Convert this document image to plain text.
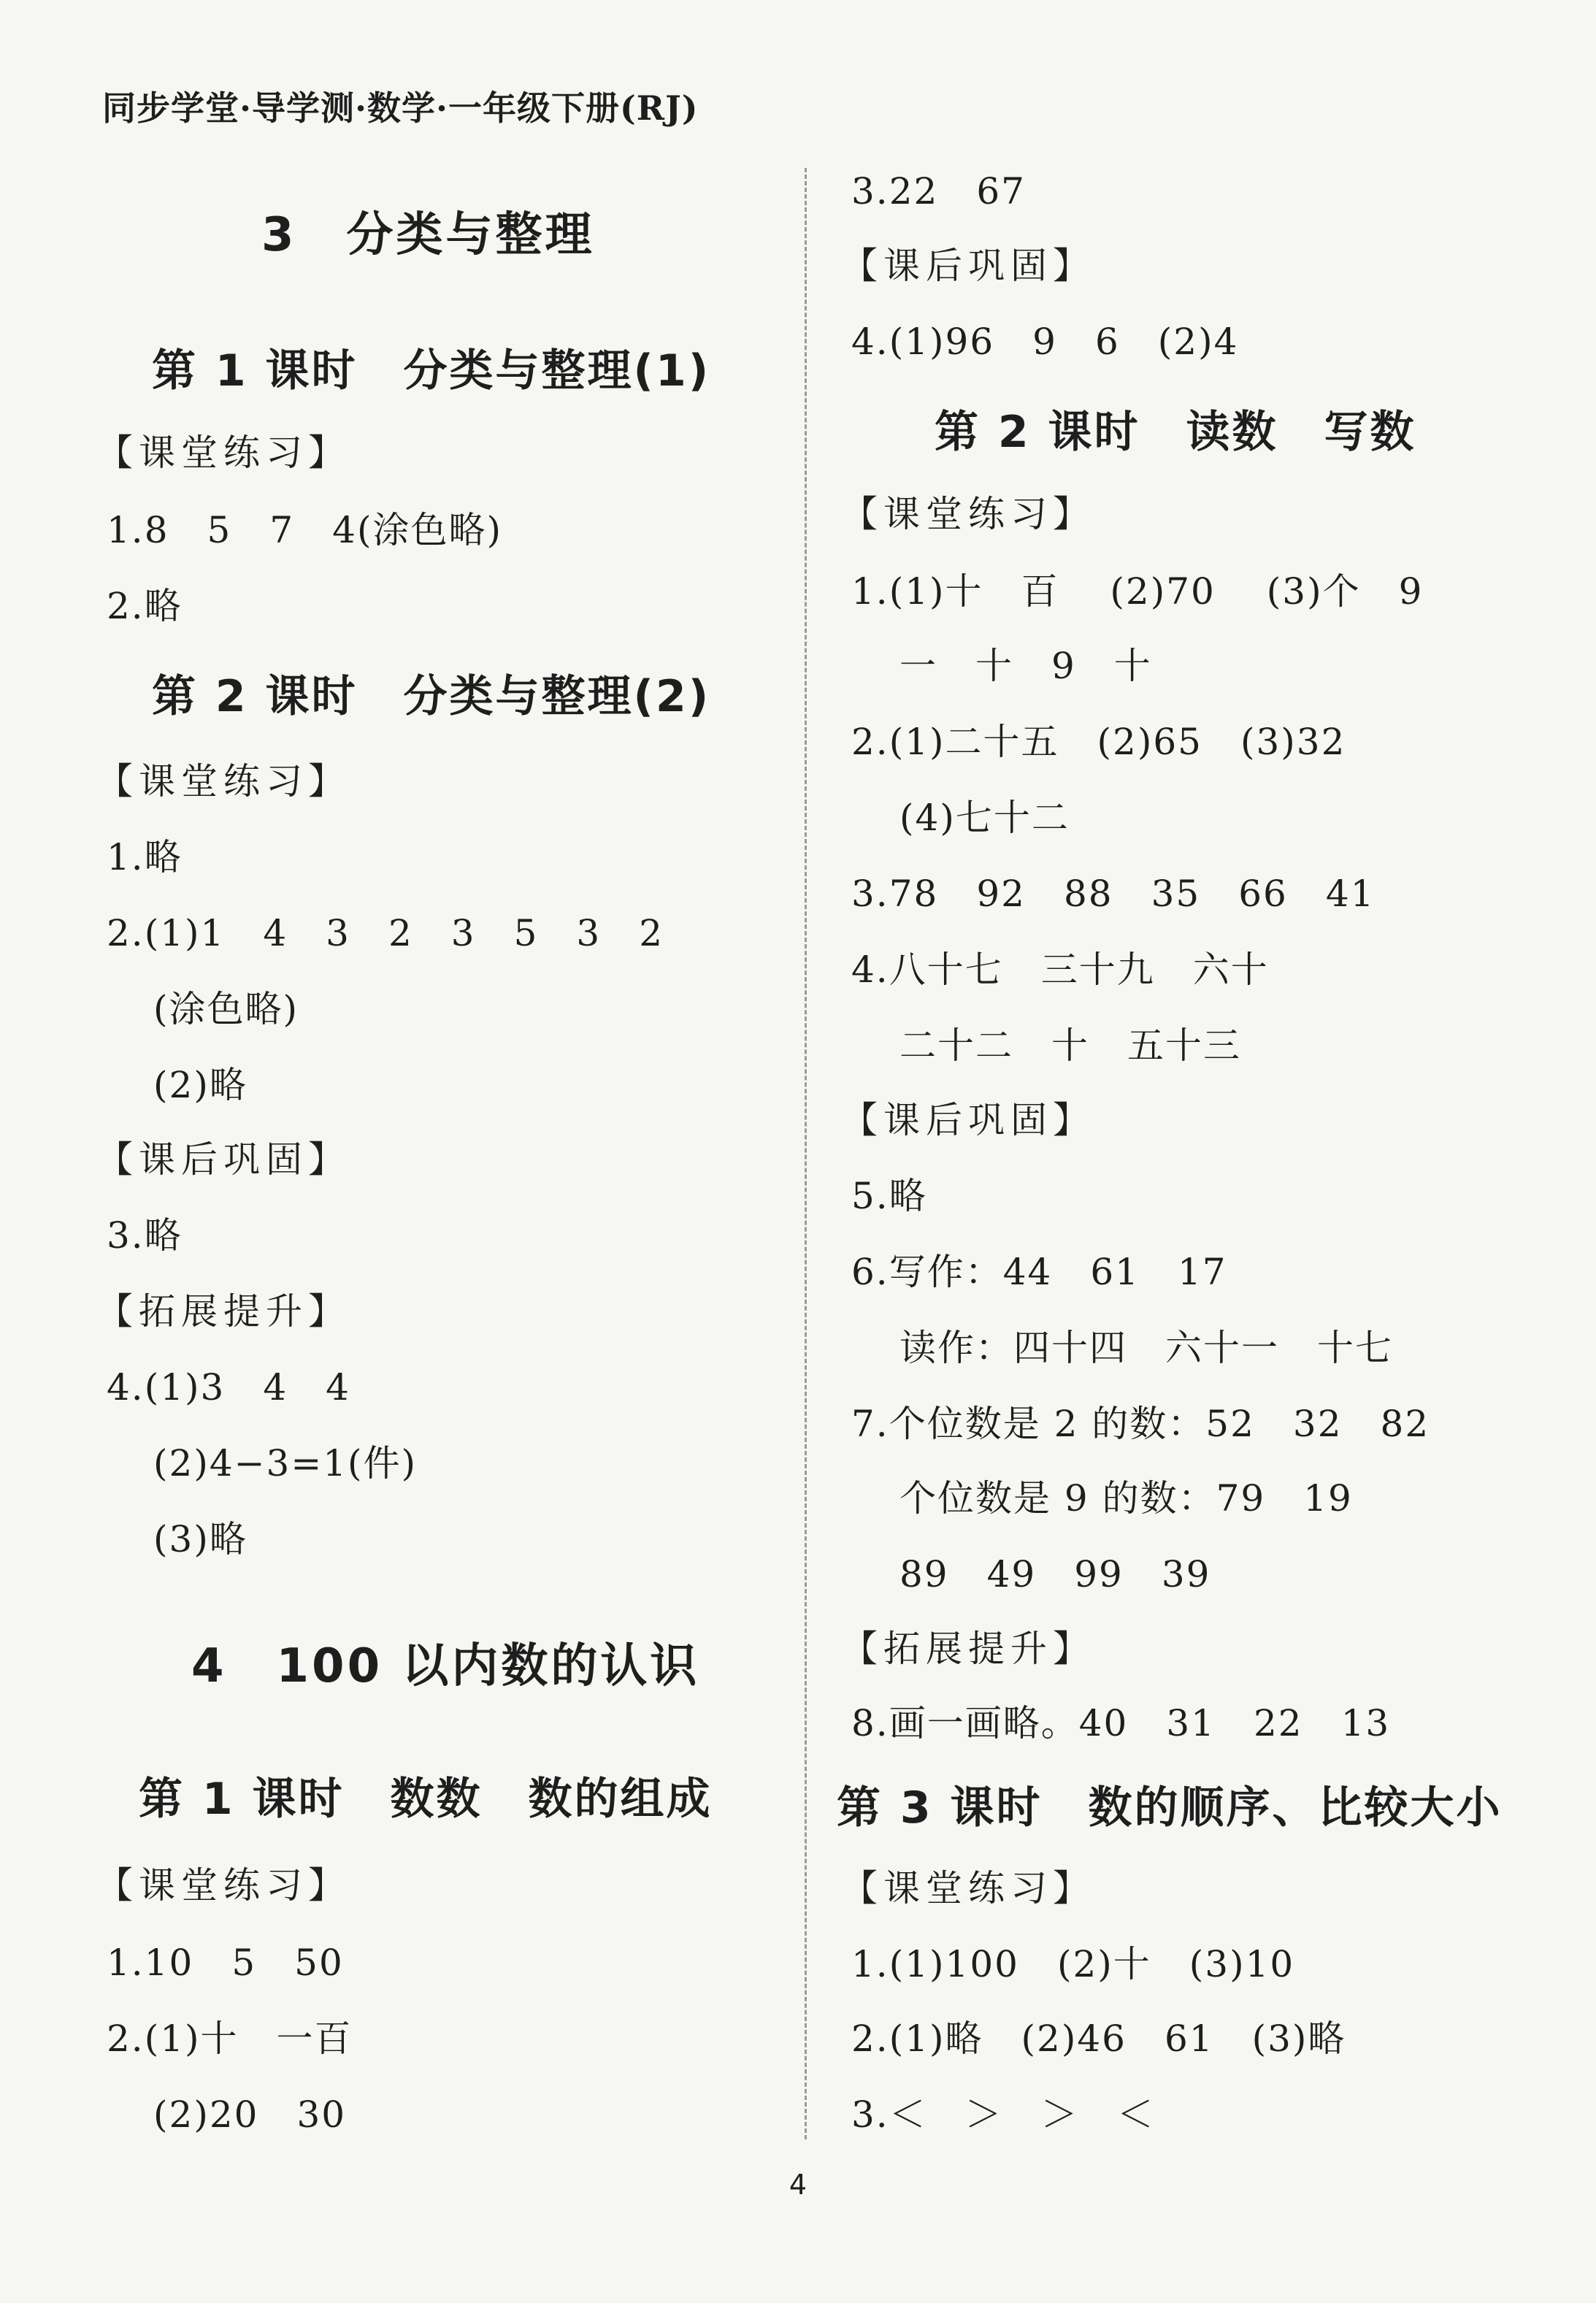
同步学堂·导学测·数学·一年级下册(RJ)
3　分类与整理
第 1 课时　分类与整理(1)
【课堂练习】
1.8　5　7　4(涂色略)
2.略
第 2 课时　分类与整理(2)
【课堂练习】
1.略
2.(1)1　4　3　2　3　5　3　2
(涂色略)
(2)略
【课后巩固】
3.略
【拓展提升】
4.(1)3　4　4
(2)4−3=1(件)
(3)略
4　100 以内数的认识
第 1 课时　数数　数的组成
【课堂练习】
1.10　5　50
2.(1)十　一百
(2)20　30
3.22　67
【课后巩固】
4.(1)96　9　6　(2)4
第 2 课时　读数　写数
【课堂练习】
1.(1)十　百　 (2)70　 (3)个　9
一　十　9　十
2.(1)二十五　(2)65　(3)32
(4)七十二
3.78　92　88　35　66　41
4.八十七　三十九　六十
二十二　十　五十三
【课后巩固】
5.略
6.写作：44　61　17
读作：四十四　六十一　十七
7.个位数是 2 的数：52　32　82
个位数是 9 的数：79　19
89　49　99　39
【拓展提升】
8.画一画略。40　31　22　13
第 3 课时　数的顺序、比较大小
【课堂练习】
1.(1)100　(2)十　(3)10
2.(1)略　(2)46　61　(3)略
3.＜　＞　＞　＜
4
